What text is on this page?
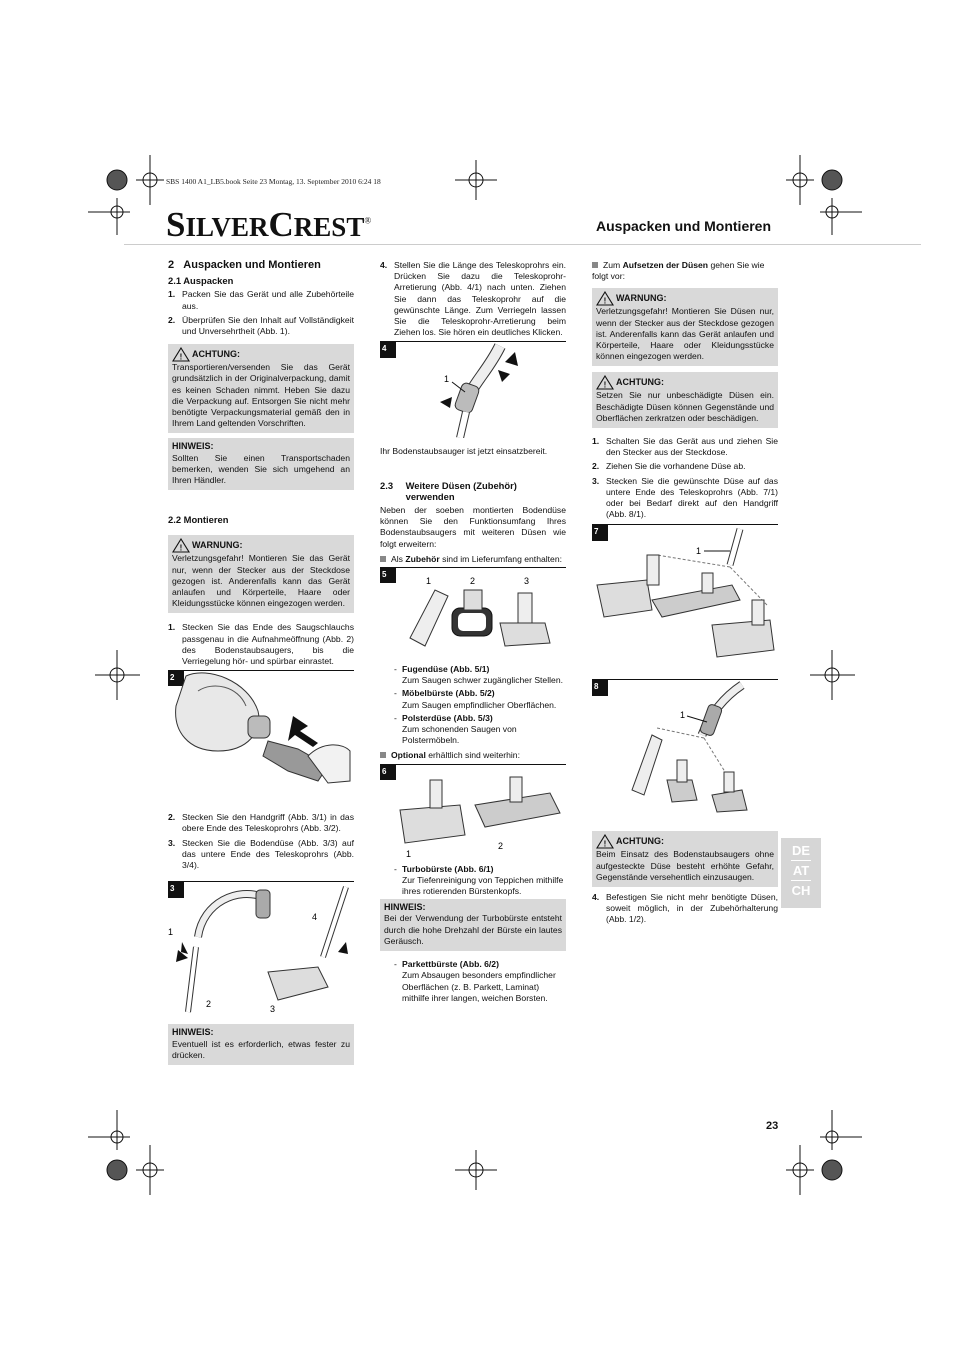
SBS 1400 A1_LB5.book Seite 23 Montag, 13. September 2010 6:24 18
SILVERCREST®	Auspacken und Montieren
2 Auspacken und Montieren
2.1 Auspacken
1. Packen Sie das Gerät und alle Zubehörteile aus.
2. Überprüfen Sie den Inhalt auf Vollständigkeit und Unversehrtheit (Abb. 1).
! ACHTUNG:
Transportieren/versenden Sie das Gerät grundsätzlich in der Originalverpackung, damit es keinen Schaden nimmt. Heben Sie dazu die Verpackung auf. Entsorgen Sie nicht mehr benötigte Verpackungsmaterial gemäß den in Ihrem Land geltenden Vorschriften.
HINWEIS:
Sollten Sie einen Transportschaden bemerken, wenden Sie sich umgehend an Ihren Händler.
2.2 Montieren
! WARNUNG:
Verletzungsgefahr! Montieren Sie das Gerät nur, wenn der Stecker aus der Steckdose gezogen ist. Anderenfalls kann das Gerät anlaufen und Körperteile, Haare oder Kleidungsstücke können eingezogen werden.
1. Stecken Sie das Ende des Saugschlauchs passgenau in die Aufnahmeöffnung (Abb. 2) des Bodenstaubsaugers, bis die Verriegelung hör- und spürbar einrastet.
2
2. Stecken Sie den Handgriff (Abb. 3/1) in das obere Ende des Teleskoprohrs (Abb. 3/2).
3. Stecken Sie die Bodendüse (Abb. 3/3) auf das untere Ende des Teleskoprohrs (Abb. 3/4).
3
1
2	3
4
HINWEIS:
Eventuell ist es erforderlich, etwas fester zu drücken.
4. Stellen Sie die Länge des Teleskoprohrs ein. Drücken Sie dazu die Teleskoprohr-Arretierung (Abb. 4/1) nach unten. Ziehen Sie dann das Teleskoprohr auf die gewünschte Länge. Zum Verriegeln lassen Sie die Teleskoprohr-Arretierung beim Ziehen los. Sie hören ein deutliches Klicken.
4
1
Ihr Bodenstaubsauger ist jetzt einsatzbereit.
2.3	Weitere Düsen (Zubehör) verwenden
Neben der soeben montierten Bodendüse können Sie den Funktionsumfang Ihres Bodenstaubsaugers mit weiteren Düsen wie folgt erweitern:
Als Zubehör sind im Lieferumfang enthalten:
5
1	2	3
- Fugendüse (Abb. 5/1)
Zum Saugen schwer zugänglicher Stellen.
- Möbelbürste (Abb. 5/2)
Zum Saugen empfindlicher Oberflächen.
- Polsterdüse (Abb. 5/3)
Zum schonenden Saugen von Polstermöbeln.
Optional erhältlich sind weiterhin:
6
1
2
- Turbobürste (Abb. 6/1)
Zur Tiefenreinigung von Teppichen mithilfe ihres rotierenden Bürstenkopfs.
HINWEIS:
Bei der Verwendung der Turbobürste entsteht durch die hohe Drehzahl der Bürste ein lautes Geräusch.
- Parkettbürste (Abb. 6/2)
Zum Absaugen besonders empfindlicher Oberflächen (z. B. Parkett, Laminat) mithilfe ihrer langen, weichen Borsten.
Zum Aufsetzen der Düsen gehen Sie wie folgt vor:
! WARNUNG:
Verletzungsgefahr! Montieren Sie Düsen nur, wenn der Stecker aus der Steckdose gezogen ist. Anderenfalls kann das Gerät anlaufen und Körperteile, Haare oder Kleidungsstücke können eingezogen werden.
! ACHTUNG:
Setzen Sie nur unbeschädigte Düsen ein. Beschädigte Düsen können Gegenstände und Oberflächen zerkratzen oder beschädigen.
1. Schalten Sie das Gerät aus und ziehen Sie den Stecker aus der Steckdose.
2. Ziehen Sie die vorhandene Düse ab.
3. Stecken Sie die gewünschte Düse auf das untere Ende des Teleskoprohrs (Abb. 7/1) oder bei Bedarf direkt auf den Handgriff (Abb. 8/1).
7
1
8
1
! ACHTUNG:
Beim Einsatz des Bodenstaubsaugers ohne aufgesteckte Düse besteht erhöhte Gefahr, Gegenstände versehentlich einzusaugen.
4. Befestigen Sie nicht mehr benötigte Düsen, soweit möglich, in der Zubehörhalterung (Abb. 1/2).
DE
AT
CH
23
